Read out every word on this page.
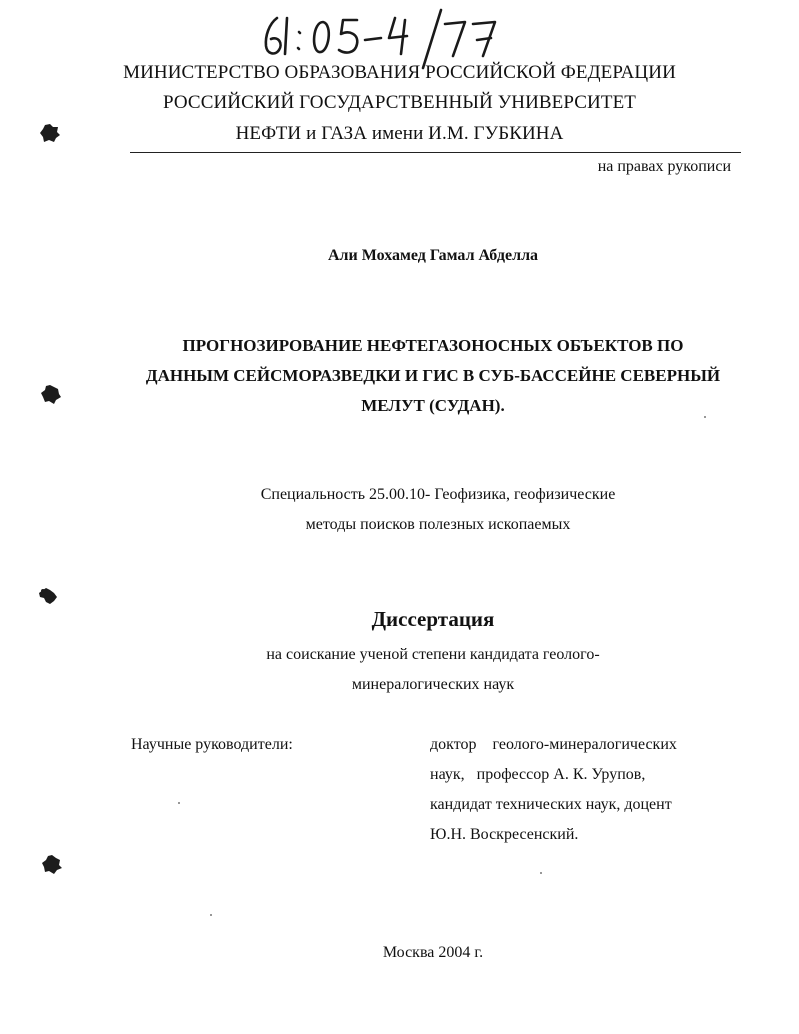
МИНИСТЕРСТВО ОБРАЗОВАНИЯ РОССИЙСКОЙ ФЕДЕРАЦИИ
РОССИЙСКИЙ ГОСУДАРСТВЕННЫЙ УНИВЕРСИТЕТ
НЕФТИ и ГАЗА имени И.М. ГУБКИНА
на правах рукописи
Али Мохамед Гамал Абделла
ПРОГНОЗИРОВАНИЕ НЕФТЕГАЗОНОСНЫХ ОБЪЕКТОВ ПО
ДАННЫМ СЕЙСМОРАЗВЕДКИ И ГИС В СУБ-БАССЕЙНЕ СЕВЕРНЫЙ
МЕЛУТ (СУДАН).
Специальность 25.00.10- Геофизика, геофизические
методы поисков полезных ископаемых
Диссертация
на соискание ученой степени кандидата геолого-
минералогических наук
Научные руководители:	доктор    геолого-минералогических
наук,   профессор А. К. Урупов,
кандидат технических наук, доцент
Ю.Н. Воскресенский.
Москва 2004 г.
